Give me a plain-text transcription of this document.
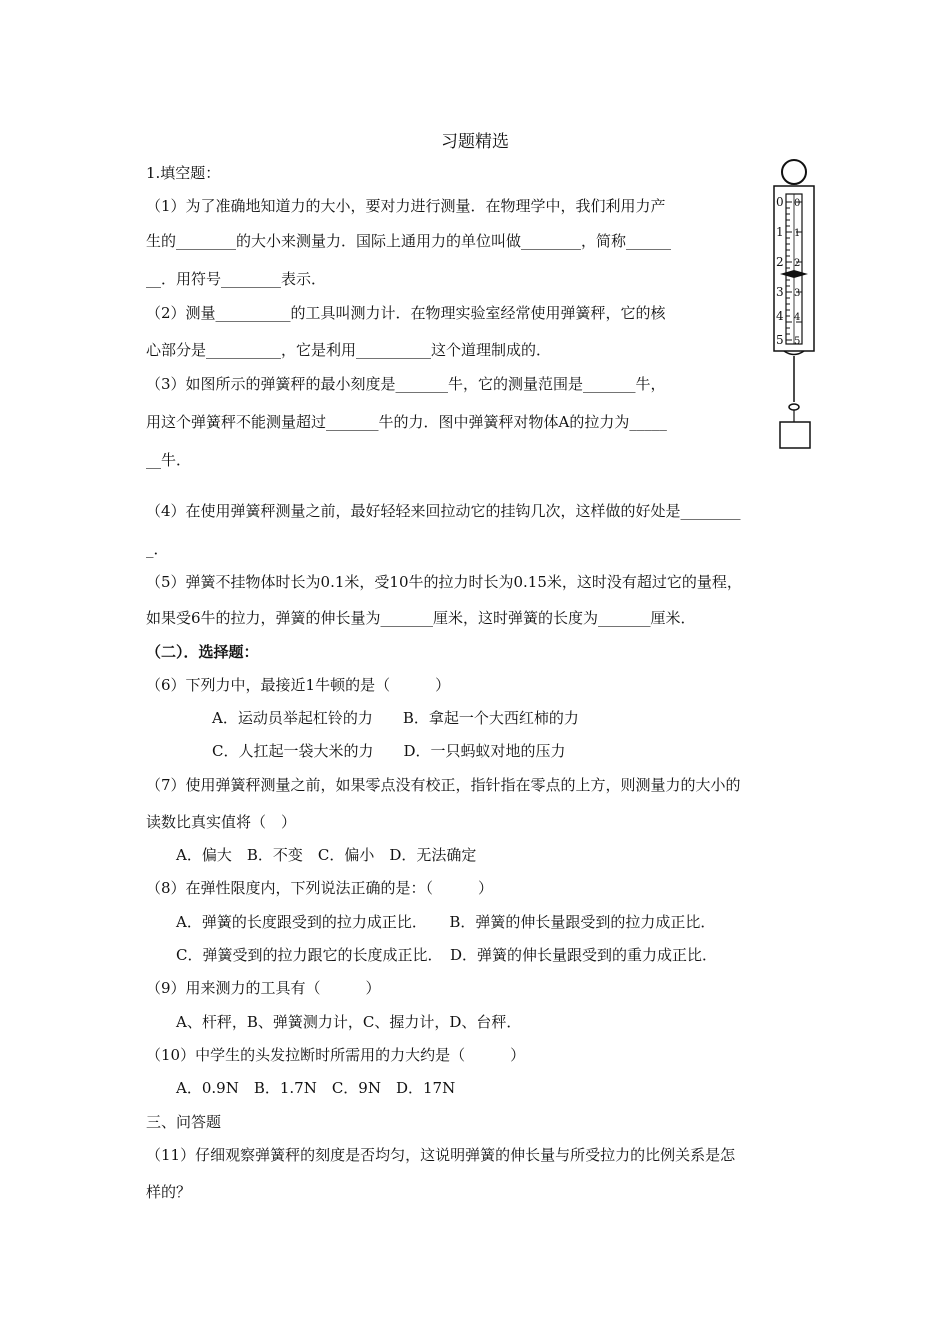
习题精选
1.填空题：
（1）为了准确地知道力的大小，要对力进行测量．在物理学中，我们利用力产
生的________的大小来测量力．国际上通用力的单位叫做________，简称______
__．用符号________表示．
（2）测量__________的工具叫测力计．在物理实验室经常使用弹簧秤，它的核
心部分是__________，它是利用__________这个道理制成的．
（3）如图所示的弹簧秤的最小刻度是_______牛，它的测量范围是_______牛，
用这个弹簧秤不能测量超过_______牛的力．图中弹簧秤对物体A的拉力为_____
__牛．
（4）在使用弹簧秤测量之前，最好轻轻来回拉动它的挂钩几次，这样做的好处是________
_．
（5）弹簧不挂物体时长为0.1米，受10牛的拉力时长为0.15米，这时没有超过它的量程，
如果受6牛的拉力，弹簧的伸长量为_______厘米，这时弹簧的长度为_______厘米．
（二）．选择题：
（6）下列力中，最接近1牛顿的是（　　　）
A．运动员举起杠铃的力　　B．拿起一个大西红柿的力
C．人扛起一袋大米的力　　D．一只蚂蚁对地的压力
（7）使用弹簧秤测量之前，如果零点没有校正，指针指在零点的上方，则测量力的大小的
读数比真实值将（　）
A．偏大　B．不变　C．偏小　D．无法确定
（8）在弹性限度内，下列说法正确的是：（　　　）
A．弹簧的长度跟受到的拉力成正比．　　B．弹簧的伸长量跟受到的拉力成正比．
C．弹簧受到的拉力跟它的长度成正比．　D．弹簧的伸长量跟受到的重力成正比．
（9）用来测力的工具有（　　　）
A、杆秤，B、弹簧测力计，C、握力计，D、台秤．
（10）中学生的头发拉断时所需用的力大约是（　　　）
A．0.9N　B．1.7N　C．9N　D．17N
三、问答题
（11）仔细观察弹簧秤的刻度是否均匀，这说明弹簧的伸长量与所受拉力的比例关系是怎
样的？
0
1
2
3
4
5
0
1
2
3
4
5
